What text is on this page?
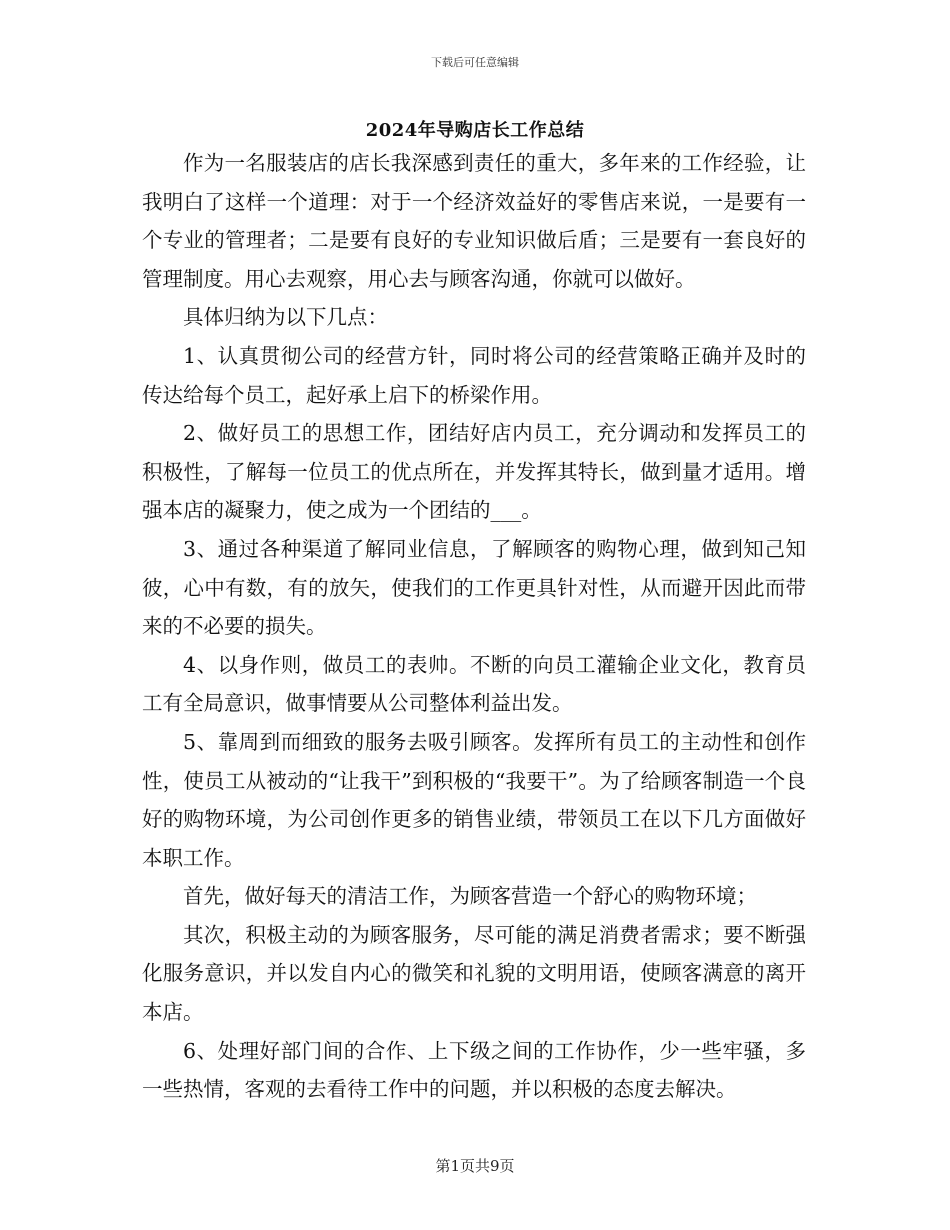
下载后可任意编辑
2024年导购店长工作总结

作为一名服装店的店长我深感到责任的重大，多年来的工作经验，让我明白了这样一个道理：对于一个经济效益好的零售店来说，一是要有一个专业的管理者；二是要有良好的专业知识做后盾；三是要有一套良好的管理制度。用心去观察，用心去与顾客沟通，你就可以做好。

具体归纳为以下几点：

1、认真贯彻公司的经营方针，同时将公司的经营策略正确并及时的传达给每个员工，起好承上启下的桥梁作用。

2、做好员工的思想工作，团结好店内员工，充分调动和发挥员工的积极性，了解每一位员工的优点所在，并发挥其特长，做到量才适用。增强本店的凝聚力，使之成为一个团结的___。

3、通过各种渠道了解同业信息，了解顾客的购物心理，做到知己知彼，心中有数，有的放矢，使我们的工作更具针对性，从而避开因此而带来的不必要的损失。

4、以身作则，做员工的表帅。不断的向员工灌输企业文化，教育员工有全局意识，做事情要从公司整体利益出发。

5、靠周到而细致的服务去吸引顾客。发挥所有员工的主动性和创作性，使员工从被动的“让我干”到积极的“我要干”。为了给顾客制造一个良好的购物环境，为公司创作更多的销售业绩，带领员工在以下几方面做好本职工作。

首先，做好每天的清洁工作，为顾客营造一个舒心的购物环境；

其次，积极主动的为顾客服务，尽可能的满足消费者需求；要不断强化服务意识，并以发自内心的微笑和礼貌的文明用语，使顾客满意的离开本店。

6、处理好部门间的合作、上下级之间的工作协作，少一些牢骚，多一些热情，客观的去看待工作中的问题，并以积极的态度去解决。

第1页共9页
